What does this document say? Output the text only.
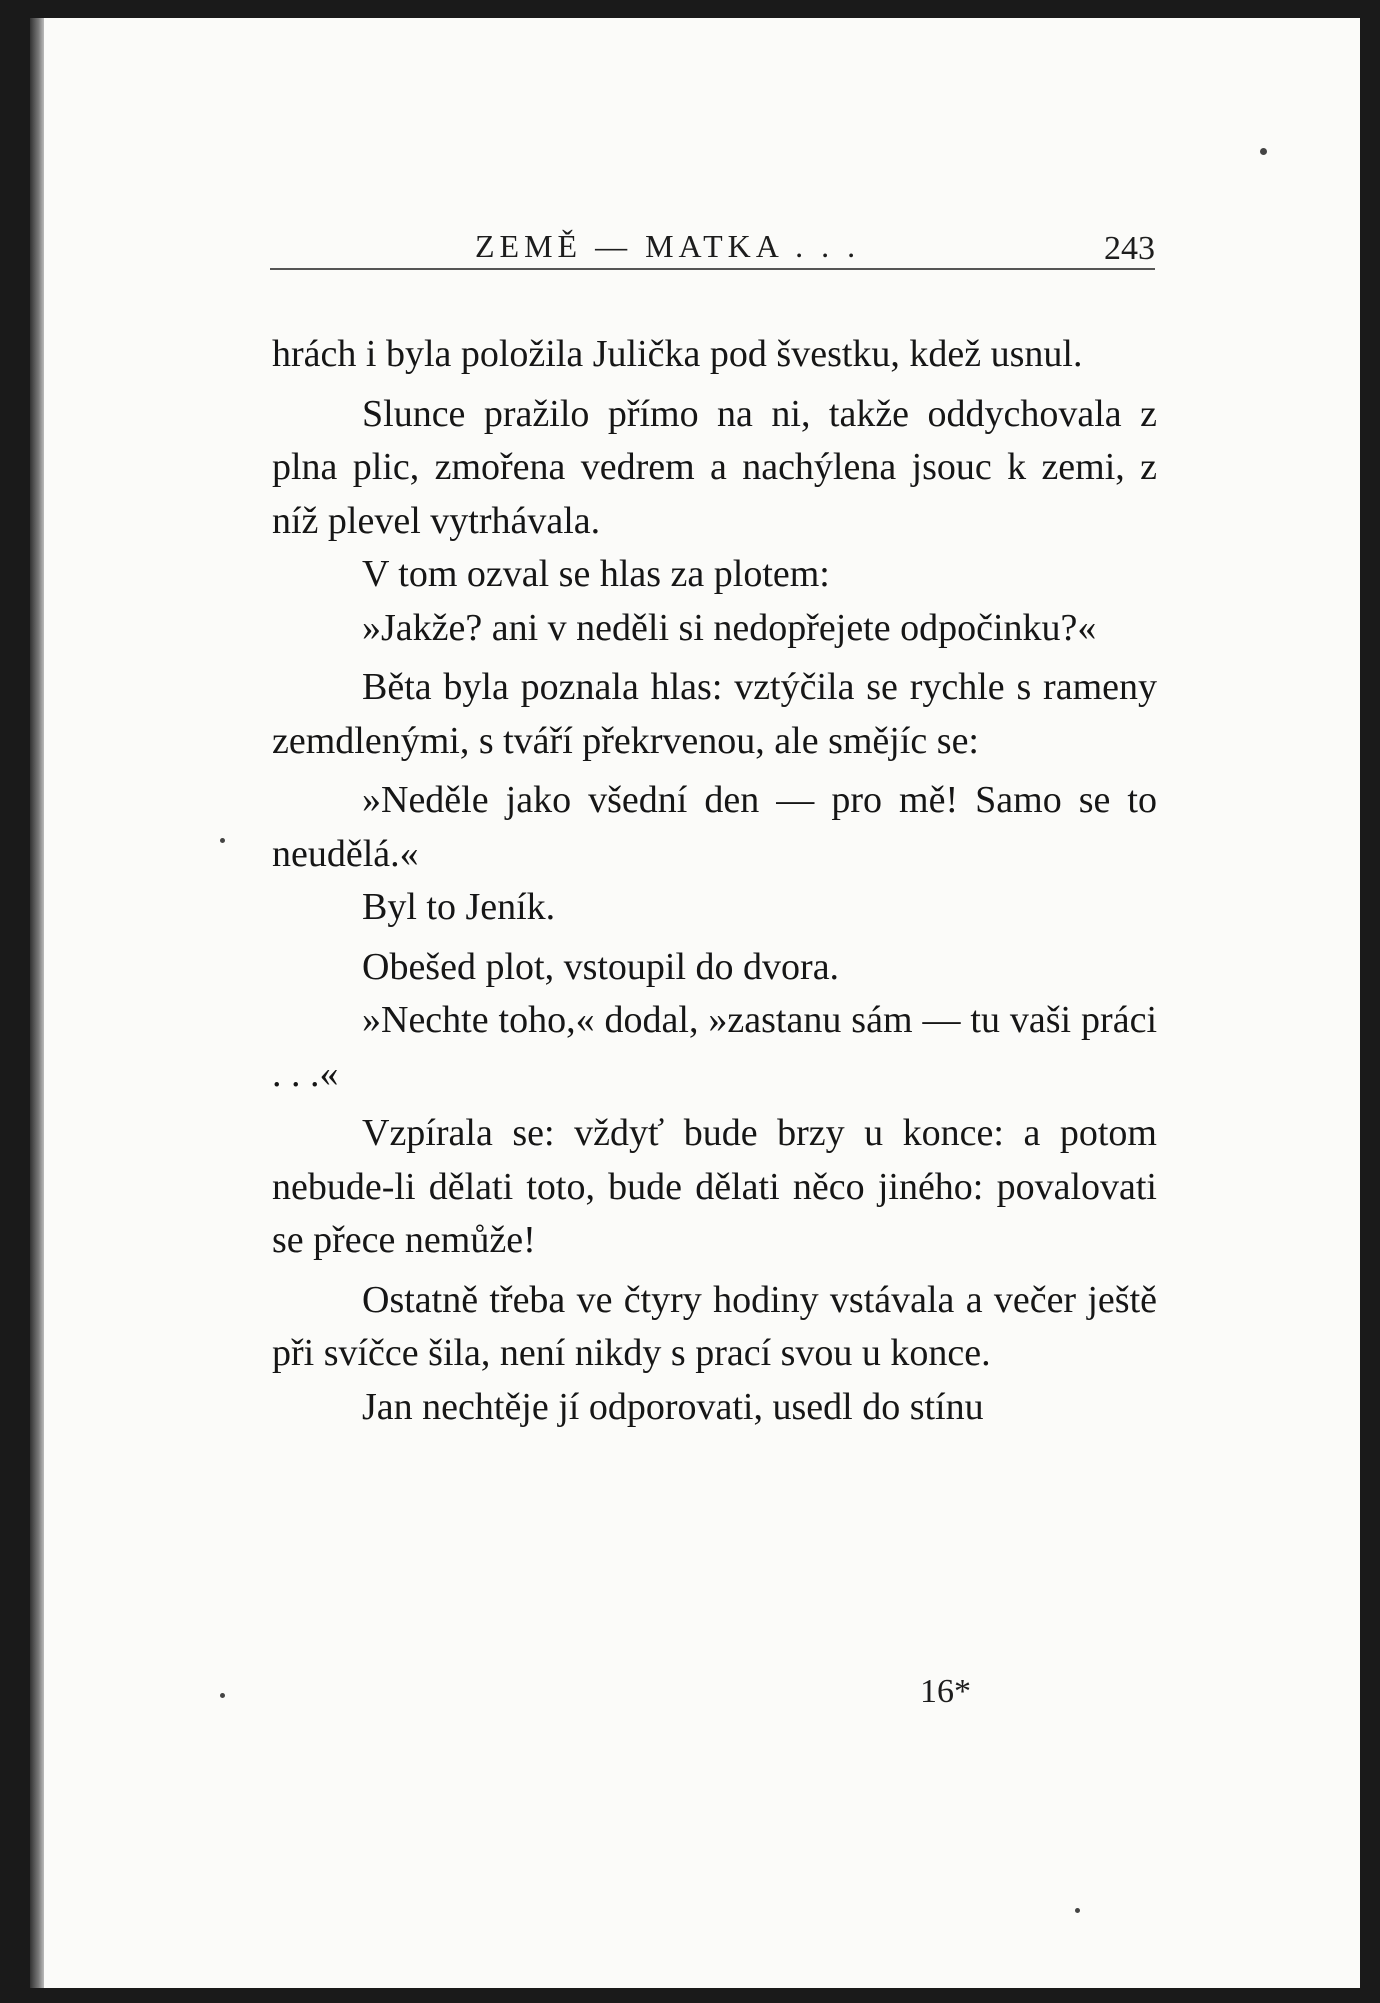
ZEMĚ — MATKA . . .	243

hrách i byla položila Julička pod švestku, kdež usnul.

Slunce pražilo přímo na ni, takže oddychovala z plna plic, zmořena vedrem a nachýlena jsouc k zemi, z níž plevel vytrhávala.

V tom ozval se hlas za plotem:

»Jakže? ani v neděli si nedopřejete odpočinku?«

Běta byla poznala hlas: vztýčila se rychle s rameny zemdlenými, s tváří překrvenou, ale smějíc se:

»Neděle jako všední den — pro mě! Samo se to neudělá.«

Byl to Jeník.

Obešed plot, vstoupil do dvora.

»Nechte toho,« dodal, »zastanu sám — tu vaši práci . . .«

Vzpírala se: vždyť bude brzy u konce: a potom nebude-li dělati toto, bude dělati něco jiného: povalovati se přece nemůže!

Ostatně třeba ve čtyry hodiny vstávala a večer ještě při svíčce šila, není nikdy s prací svou u konce.

Jan nechtěje jí odporovati, usedl do stínu

16*
